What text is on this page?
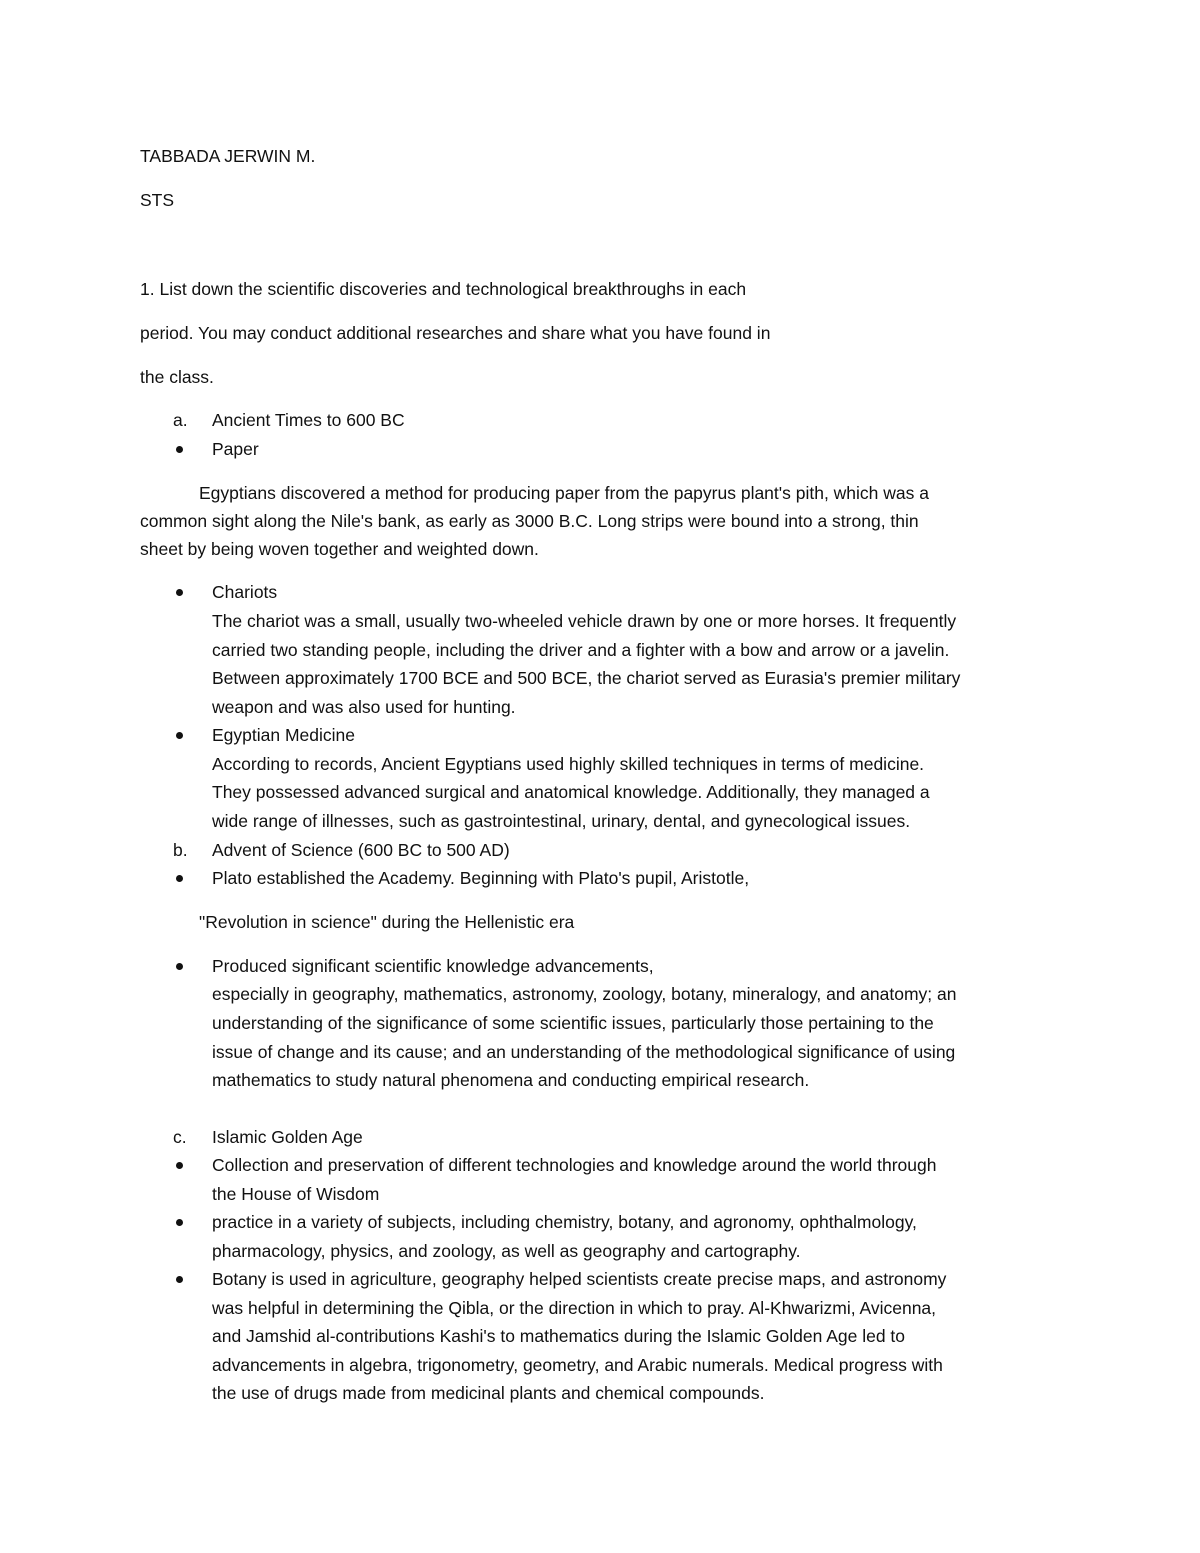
TABBADA JERWIN M.
STS
1. List down the scientific discoveries and technological breakthroughs in each
period. You may conduct additional researches and share what you have found in
the class.
a. Ancient Times to 600 BC
Paper
Egyptians discovered a method for producing paper from the papyrus plant's pith, which was a
common sight along the Nile's bank, as early as 3000 B.C. Long strips were bound into a strong, thin
sheet by being woven together and weighted down.
Chariots
The chariot was a small, usually two-wheeled vehicle drawn by one or more horses. It frequently
carried two standing people, including the driver and a fighter with a bow and arrow or a javelin.
Between approximately 1700 BCE and 500 BCE, the chariot served as Eurasia's premier military
weapon and was also used for hunting.
Egyptian Medicine
According to records, Ancient Egyptians used highly skilled techniques in terms of medicine.
They possessed advanced surgical and anatomical knowledge. Additionally, they managed a
wide range of illnesses, such as gastrointestinal, urinary, dental, and gynecological issues.
b. Advent of Science (600 BC to 500 AD)
Plato established the Academy. Beginning with Plato's pupil, Aristotle,
"Revolution in science" during the Hellenistic era
Produced significant scientific knowledge advancements,
especially in geography, mathematics, astronomy, zoology, botany, mineralogy, and anatomy; an
understanding of the significance of some scientific issues, particularly those pertaining to the
issue of change and its cause; and an understanding of the methodological significance of using
mathematics to study natural phenomena and conducting empirical research.
c. Islamic Golden Age
Collection and preservation of different technologies and knowledge around the world through
the House of Wisdom
practice in a variety of subjects, including chemistry, botany, and agronomy, ophthalmology,
pharmacology, physics, and zoology, as well as geography and cartography.
Botany is used in agriculture, geography helped scientists create precise maps, and astronomy
was helpful in determining the Qibla, or the direction in which to pray. Al-Khwarizmi, Avicenna,
and Jamshid al-contributions Kashi's to mathematics during the Islamic Golden Age led to
advancements in algebra, trigonometry, geometry, and Arabic numerals. Medical progress with
the use of drugs made from medicinal plants and chemical compounds.
